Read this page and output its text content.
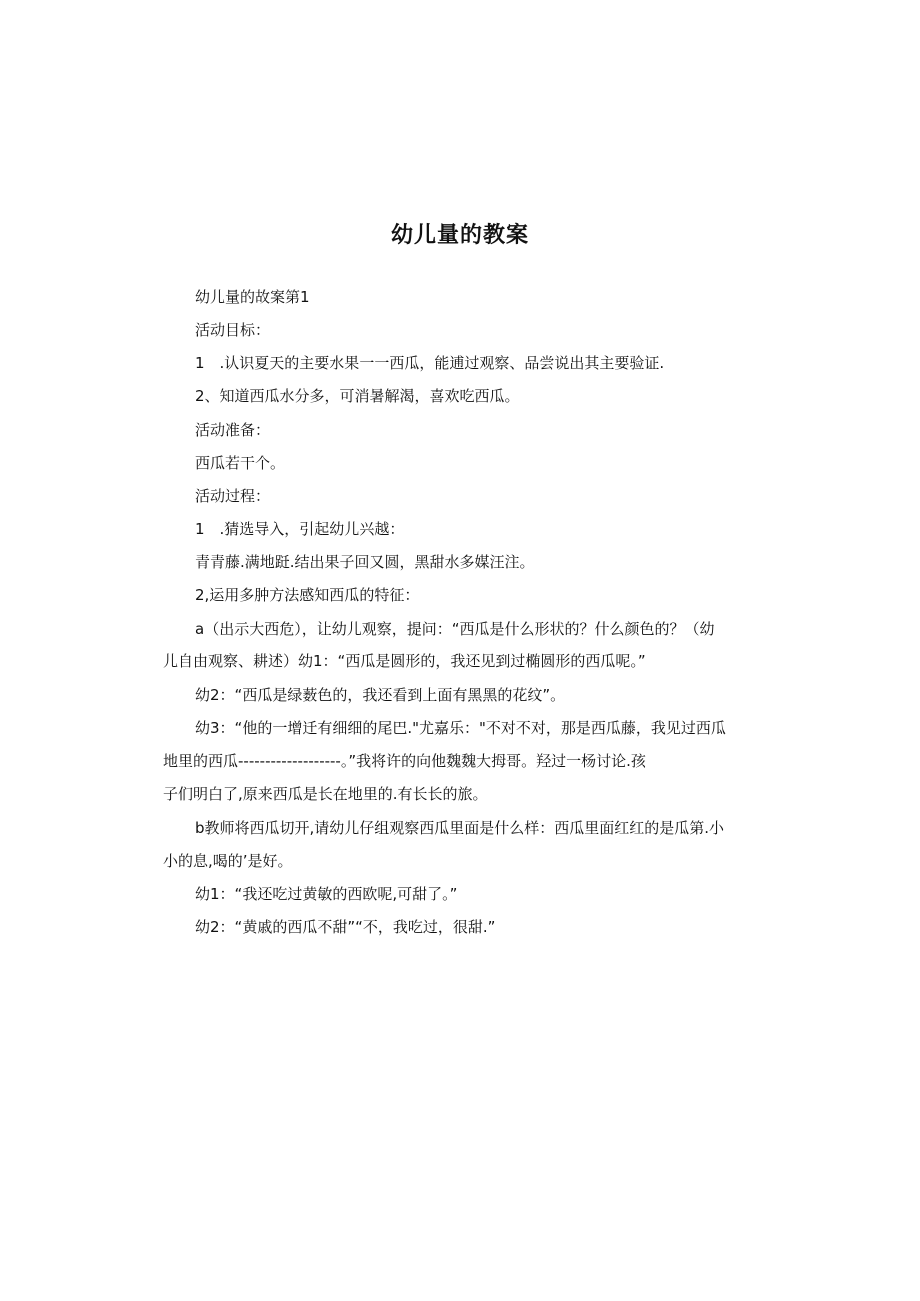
幼儿量的教案
幼儿量的故案第1
活动目标：
1　.认识夏天的主要水果一一西瓜，能逋过观察、品尝说出其主要验证.
2、知道西瓜水分多，可消暑解渴，喜欢吃西瓜。
活动准备：
西瓜若干个。
活动过程：
1　.猜选导入，引起幼儿兴越：
青青藤.满地跹.结出果子回又圆，黑甜水多媒汪注。
2,运用多肿方法感知西瓜的特征：
a（出示大西危），让幼儿观察，提问：“西瓜是什么形状的？什么颜色的？（幼
儿自由观察、耕述）幼1：“西瓜是圆形的，我还见到过椭圆形的西瓜呢。”
幼2：“西瓜是绿薮色的，我还看到上面有黑黑的花纹”。
幼3：“他的一增迁有细细的尾巴."尤嘉乐："不对不对，那是西瓜藤，我见过西瓜
地里的西瓜-------------------。”我将许的向他魏魏大拇哥。羟过一杨讨论.孩
子们明白了,原来西瓜是长在地里的.有长长的旅。
b教师将西瓜切开,请幼儿仔组观察西瓜里面是什么样：西瓜里面红红的是瓜第.小
小的息,喝的’是好。
幼1：“我还吃过黄敏的西欧呢,可甜了。”
幼2：“黄戚的西瓜不甜”“不，我吃过，很甜.”
